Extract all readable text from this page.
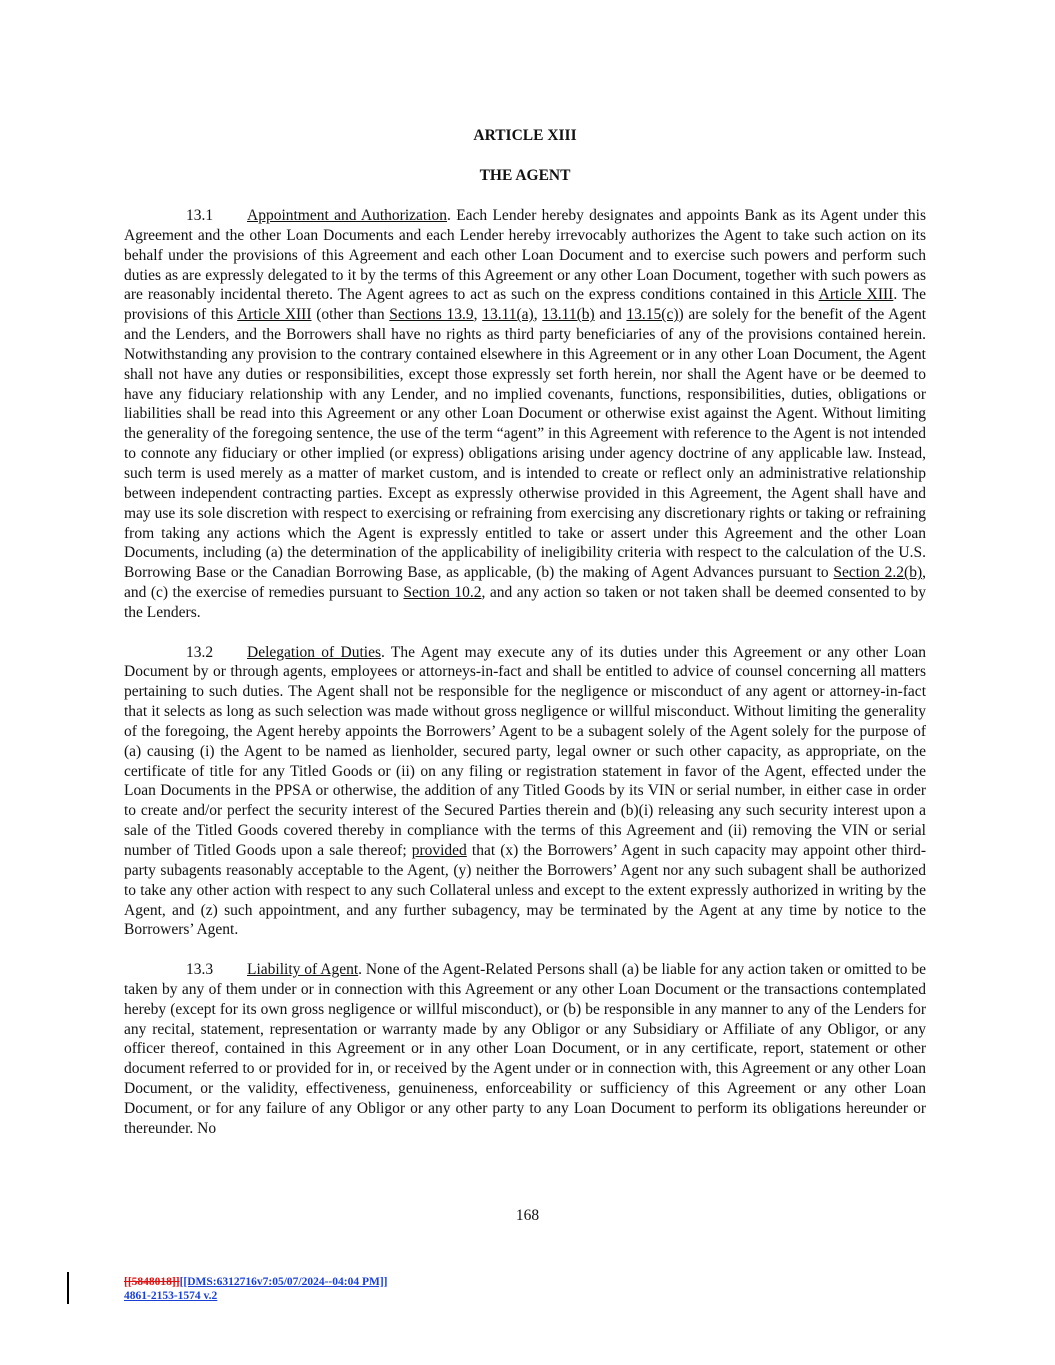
ARTICLE XIII

THE AGENT

13.1 Appointment and Authorization. Each Lender hereby designates and appoints Bank as its Agent under this Agreement and the other Loan Documents and each Lender hereby irrevocably authorizes the Agent to take such action on its behalf under the provisions of this Agreement and each other Loan Document and to exercise such powers and perform such duties as are expressly delegated to it by the terms of this Agreement or any other Loan Document, together with such powers as are reasonably incidental thereto. The Agent agrees to act as such on the express conditions contained in this Article XIII. The provisions of this Article XIII (other than Sections 13.9, 13.11(a), 13.11(b) and 13.15(c)) are solely for the benefit of the Agent and the Lenders, and the Borrowers shall have no rights as third party beneficiaries of any of the provisions contained herein. Notwithstanding any provision to the contrary contained elsewhere in this Agreement or in any other Loan Document, the Agent shall not have any duties or responsibilities, except those expressly set forth herein, nor shall the Agent have or be deemed to have any fiduciary relationship with any Lender, and no implied covenants, functions, responsibilities, duties, obligations or liabilities shall be read into this Agreement or any other Loan Document or otherwise exist against the Agent. Without limiting the generality of the foregoing sentence, the use of the term “agent” in this Agreement with reference to the Agent is not intended to connote any fiduciary or other implied (or express) obligations arising under agency doctrine of any applicable law. Instead, such term is used merely as a matter of market custom, and is intended to create or reflect only an administrative relationship between independent contracting parties. Except as expressly otherwise provided in this Agreement, the Agent shall have and may use its sole discretion with respect to exercising or refraining from exercising any discretionary rights or taking or refraining from taking any actions which the Agent is expressly entitled to take or assert under this Agreement and the other Loan Documents, including (a) the determination of the applicability of ineligibility criteria with respect to the calculation of the U.S. Borrowing Base or the Canadian Borrowing Base, as applicable, (b) the making of Agent Advances pursuant to Section 2.2(b), and (c) the exercise of remedies pursuant to Section 10.2, and any action so taken or not taken shall be deemed consented to by the Lenders.

13.2 Delegation of Duties. The Agent may execute any of its duties under this Agreement or any other Loan Document by or through agents, employees or attorneys-in-fact and shall be entitled to advice of counsel concerning all matters pertaining to such duties. The Agent shall not be responsible for the negligence or misconduct of any agent or attorney-in-fact that it selects as long as such selection was made without gross negligence or willful misconduct. Without limiting the generality of the foregoing, the Agent hereby appoints the Borrowers’ Agent to be a subagent solely of the Agent solely for the purpose of (a) causing (i) the Agent to be named as lienholder, secured party, legal owner or such other capacity, as appropriate, on the certificate of title for any Titled Goods or (ii) on any filing or registration statement in favor of the Agent, effected under the Loan Documents in the PPSA or otherwise, the addition of any Titled Goods by its VIN or serial number, in either case in order to create and/or perfect the security interest of the Secured Parties therein and (b)(i) releasing any such security interest upon a sale of the Titled Goods covered thereby in compliance with the terms of this Agreement and (ii) removing the VIN or serial number of Titled Goods upon a sale thereof; provided that (x) the Borrowers’ Agent in such capacity may appoint other third-party subagents reasonably acceptable to the Agent, (y) neither the Borrowers’ Agent nor any such subagent shall be authorized to take any other action with respect to any such Collateral unless and except to the extent expressly authorized in writing by the Agent, and (z) such appointment, and any further subagency, may be terminated by the Agent at any time by notice to the Borrowers’ Agent.

13.3 Liability of Agent. None of the Agent-Related Persons shall (a) be liable for any action taken or omitted to be taken by any of them under or in connection with this Agreement or any other Loan Document or the transactions contemplated hereby (except for its own gross negligence or willful misconduct), or (b) be responsible in any manner to any of the Lenders for any recital, statement, representation or warranty made by any Obligor or any Subsidiary or Affiliate of any Obligor, or any officer thereof, contained in this Agreement or in any other Loan Document, or in any certificate, report, statement or other document referred to or provided for in, or received by the Agent under or in connection with, this Agreement or any other Loan Document, or the validity, effectiveness, genuineness, enforceability or sufficiency of this Agreement or any other Loan Document, or for any failure of any Obligor or any other party to any Loan Document to perform its obligations hereunder or thereunder. No

168
[[5848018]][[DMS:6312716v7:05/07/2024--04:04 PM]]
4861-2153-1574 v.2
